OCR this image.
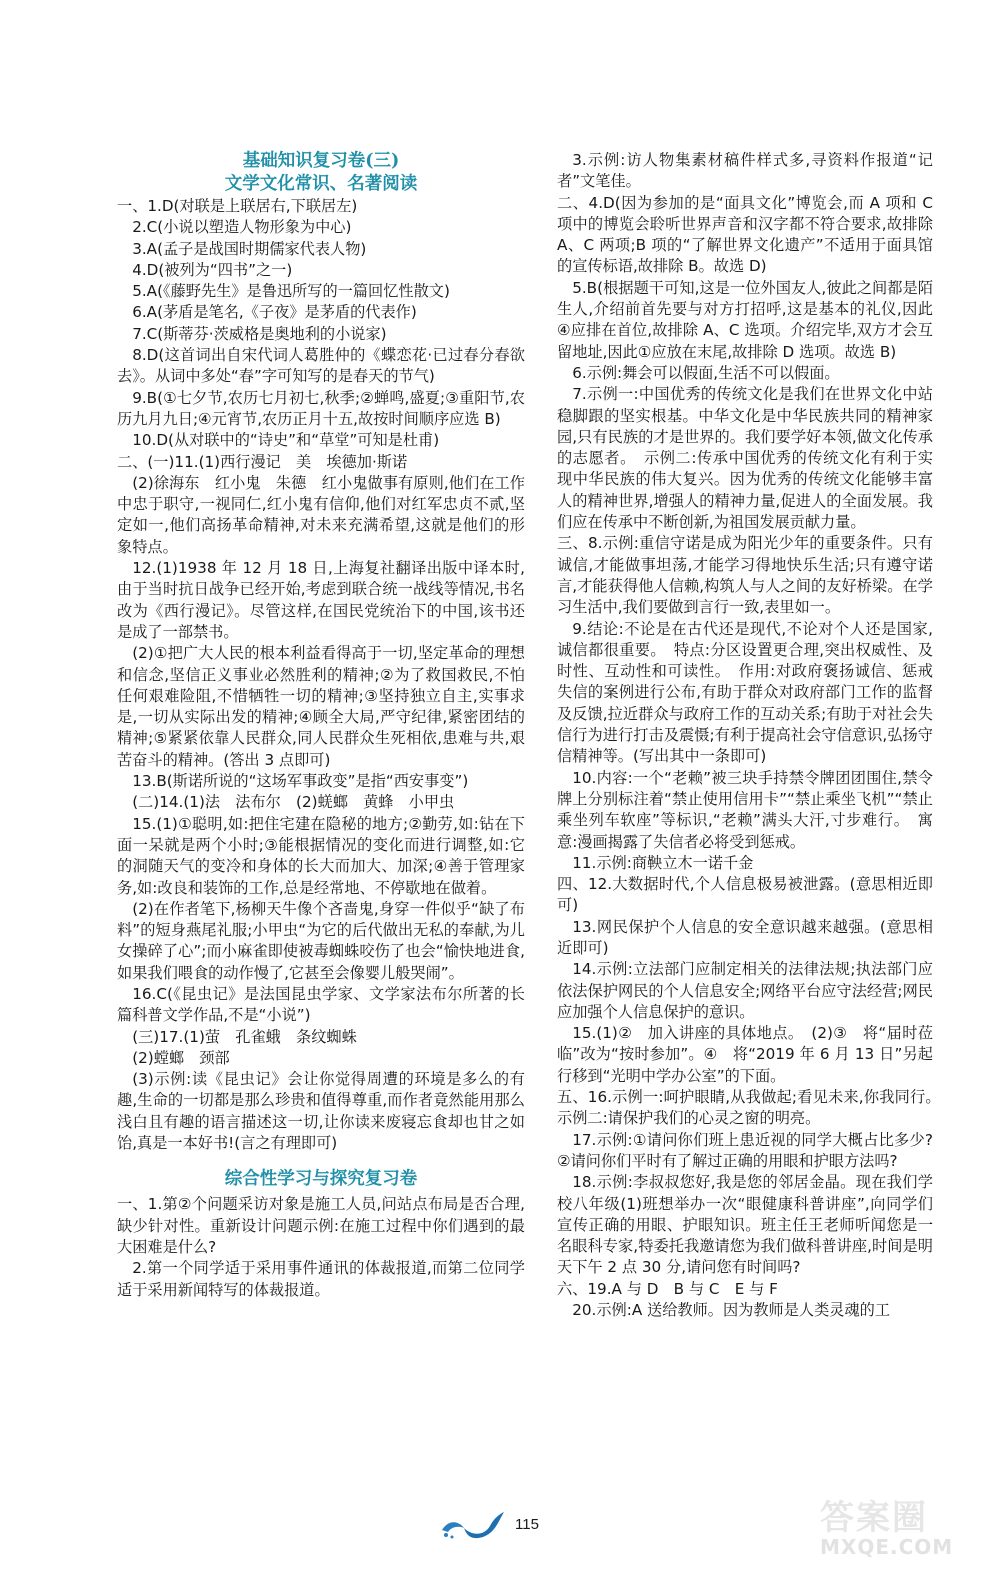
基础知识复习卷(三)
文学文化常识、名著阅读

一、1.D(对联是上联居右,下联居左)

2.C(小说以塑造人物形象为中心)

3.A(孟子是战国时期儒家代表人物)

4.D(被列为“四书”之一)

5.A(《藤野先生》是鲁迅所写的一篇回忆性散文)

6.A(茅盾是笔名,《子夜》是茅盾的代表作)

7.C(斯蒂芬·茨威格是奥地利的小说家)

8.D(这首词出自宋代词人葛胜仲的《蝶恋花·已过春分春欲去》。从词中多处“春”字可知写的是春天的节气)

9.B(①七夕节,农历七月初七,秋季;②蝉鸣,盛夏;③重阳节,农历九月九日;④元宵节,农历正月十五,故按时间顺序应选 B)

10.D(从对联中的“诗史”和“草堂”可知是杜甫)

二、(一)11.(1)西行漫记　美　埃德加·斯诺

(2)徐海东　红小鬼　朱德　红小鬼做事有原则,他们在工作中忠于职守,一视同仁,红小鬼有信仰,他们对红军忠贞不贰,坚定如一,他们高扬革命精神,对未来充满希望,这就是他们的形象特点。

12.(1)1938 年 12 月 18 日,上海复社翻译出版中译本时,由于当时抗日战争已经开始,考虑到联合统一战线等情况,书名改为《西行漫记》。尽管这样,在国民党统治下的中国,该书还是成了一部禁书。

(2)①把广大人民的根本利益看得高于一切,坚定革命的理想和信念,坚信正义事业必然胜利的精神;②为了救国救民,不怕任何艰难险阻,不惜牺牲一切的精神;③坚持独立自主,实事求是,一切从实际出发的精神;④顾全大局,严守纪律,紧密团结的精神;⑤紧紧依靠人民群众,同人民群众生死相依,患难与共,艰苦奋斗的精神。(答出 3 点即可)

13.B(斯诺所说的“这场军事政变”是指“西安事变”)

(二)14.(1)法　法布尔　(2)蜣螂　黄蜂　小甲虫

15.(1)①聪明,如:把住宅建在隐秘的地方;②勤劳,如:钻在下面一呆就是两个小时;③能根据情况的变化而进行调整,如:它的洞随天气的变冷和身体的长大而加大、加深;④善于管理家务,如:改良和装饰的工作,总是经常地、不停歇地在做着。

(2)在作者笔下,杨柳天牛像个吝啬鬼,身穿一件似乎“缺了布料”的短身燕尾礼服;小甲虫“为它的后代做出无私的奉献,为儿女操碎了心”;而小麻雀即使被毒蜘蛛咬伤了也会“愉快地进食,如果我们喂食的动作慢了,它甚至会像婴儿般哭闹”。

16.C(《昆虫记》是法国昆虫学家、文学家法布尔所著的长篇科普文学作品,不是“小说”)

(三)17.(1)萤　孔雀蛾　条纹蜘蛛

(2)螳螂　颈部

(3)示例:读《昆虫记》会让你觉得周遭的环境是多么的有趣,生命的一切都是那么珍贵和值得尊重,而作者竟然能用那么浅白且有趣的语言描述这一切,让你读来废寝忘食却也甘之如饴,真是一本好书!(言之有理即可)

综合性学习与探究复习卷

一、1.第②个问题采访对象是施工人员,问站点布局是否合理,缺少针对性。重新设计问题示例:在施工过程中你们遇到的最大困难是什么?

2.第一个同学适于采用事件通讯的体裁报道,而第二位同学适于采用新闻特写的体裁报道。

3.示例:访人物集素材稿件样式多,寻资料作报道“记者”文笔佳。

二、4.D(因为参加的是“面具文化”博览会,而 A 项和 C 项中的博览会聆听世界声音和汉字都不符合要求,故排除 A、C 两项;B 项的“了解世界文化遗产”不适用于面具馆的宣传标语,故排除 B。故选 D)

5.B(根据题干可知,这是一位外国友人,彼此之间都是陌生人,介绍前首先要与对方打招呼,这是基本的礼仪,因此④应排在首位,故排除 A、C 选项。介绍完毕,双方才会互留地址,因此①应放在末尾,故排除 D 选项。故选 B)

6.示例:舞会可以假面,生活不可以假面。

7.示例一:中国优秀的传统文化是我们在世界文化中站稳脚跟的坚实根基。中华文化是中华民族共同的精神家园,只有民族的才是世界的。我们要学好本领,做文化传承的志愿者。　示例二:传承中国优秀的传统文化有利于实现中华民族的伟大复兴。因为优秀的传统文化能够丰富人的精神世界,增强人的精神力量,促进人的全面发展。我们应在传承中不断创新,为祖国发展贡献力量。

三、8.示例:重信守诺是成为阳光少年的重要条件。只有诚信,才能做事坦荡,才能学习得地快乐生活;只有遵守诺言,才能获得他人信赖,构筑人与人之间的友好桥梁。在学习生活中,我们要做到言行一致,表里如一。

9.结论:不论是在古代还是现代,不论对个人还是国家,诚信都很重要。　特点:分区设置更合理,突出权威性、及时性、互动性和可读性。　作用:对政府褒扬诚信、惩戒失信的案例进行公布,有助于群众对政府部门工作的监督及反馈,拉近群众与政府工作的互动关系;有助于对社会失信行为进行打击及震慑;有利于提高社会守信意识,弘扬守信精神等。(写出其中一条即可)

10.内容:一个“老赖”被三块手持禁令牌团团围住,禁令牌上分别标注着“禁止使用信用卡”“禁止乘坐飞机”“禁止乘坐列车软座”等标识,“老赖”满头大汗,寸步难行。　寓意:漫画揭露了失信者必将受到惩戒。

11.示例:商鞅立木一诺千金

四、12.大数据时代,个人信息极易被泄露。(意思相近即可)

13.网民保护个人信息的安全意识越来越强。(意思相近即可)

14.示例:立法部门应制定相关的法律法规;执法部门应依法保护网民的个人信息安全;网络平台应守法经营;网民应加强个人信息保护的意识。

15.(1)②　加入讲座的具体地点。　(2)③　将“届时莅临”改为“按时参加”。④　将“2019 年 6 月 13 日”另起行移到“光明中学办公室”的下面。

五、16.示例一:呵护眼睛,从我做起;看见未来,你我同行。　示例二:请保护我们的心灵之窗的明亮。

17.示例:①请问你们班上患近视的同学大概占比多少?　②请问你们平时有了解过正确的用眼和护眼方法吗?

18.示例:李叔叔您好,我是您的邻居金晶。现在我们学校八年级(1)班想举办一次“眼健康科普讲座”,向同学们宣传正确的用眼、护眼知识。班主任王老师听闻您是一名眼科专家,特委托我邀请您为我们做科普讲座,时间是明天下午 2 点 30 分,请问您有时间吗?

六、19.A 与 D　B 与 C　E 与 F

20.示例:A 送给教师。因为教师是人类灵魂的工

115	答案圈
MXQE.COM
